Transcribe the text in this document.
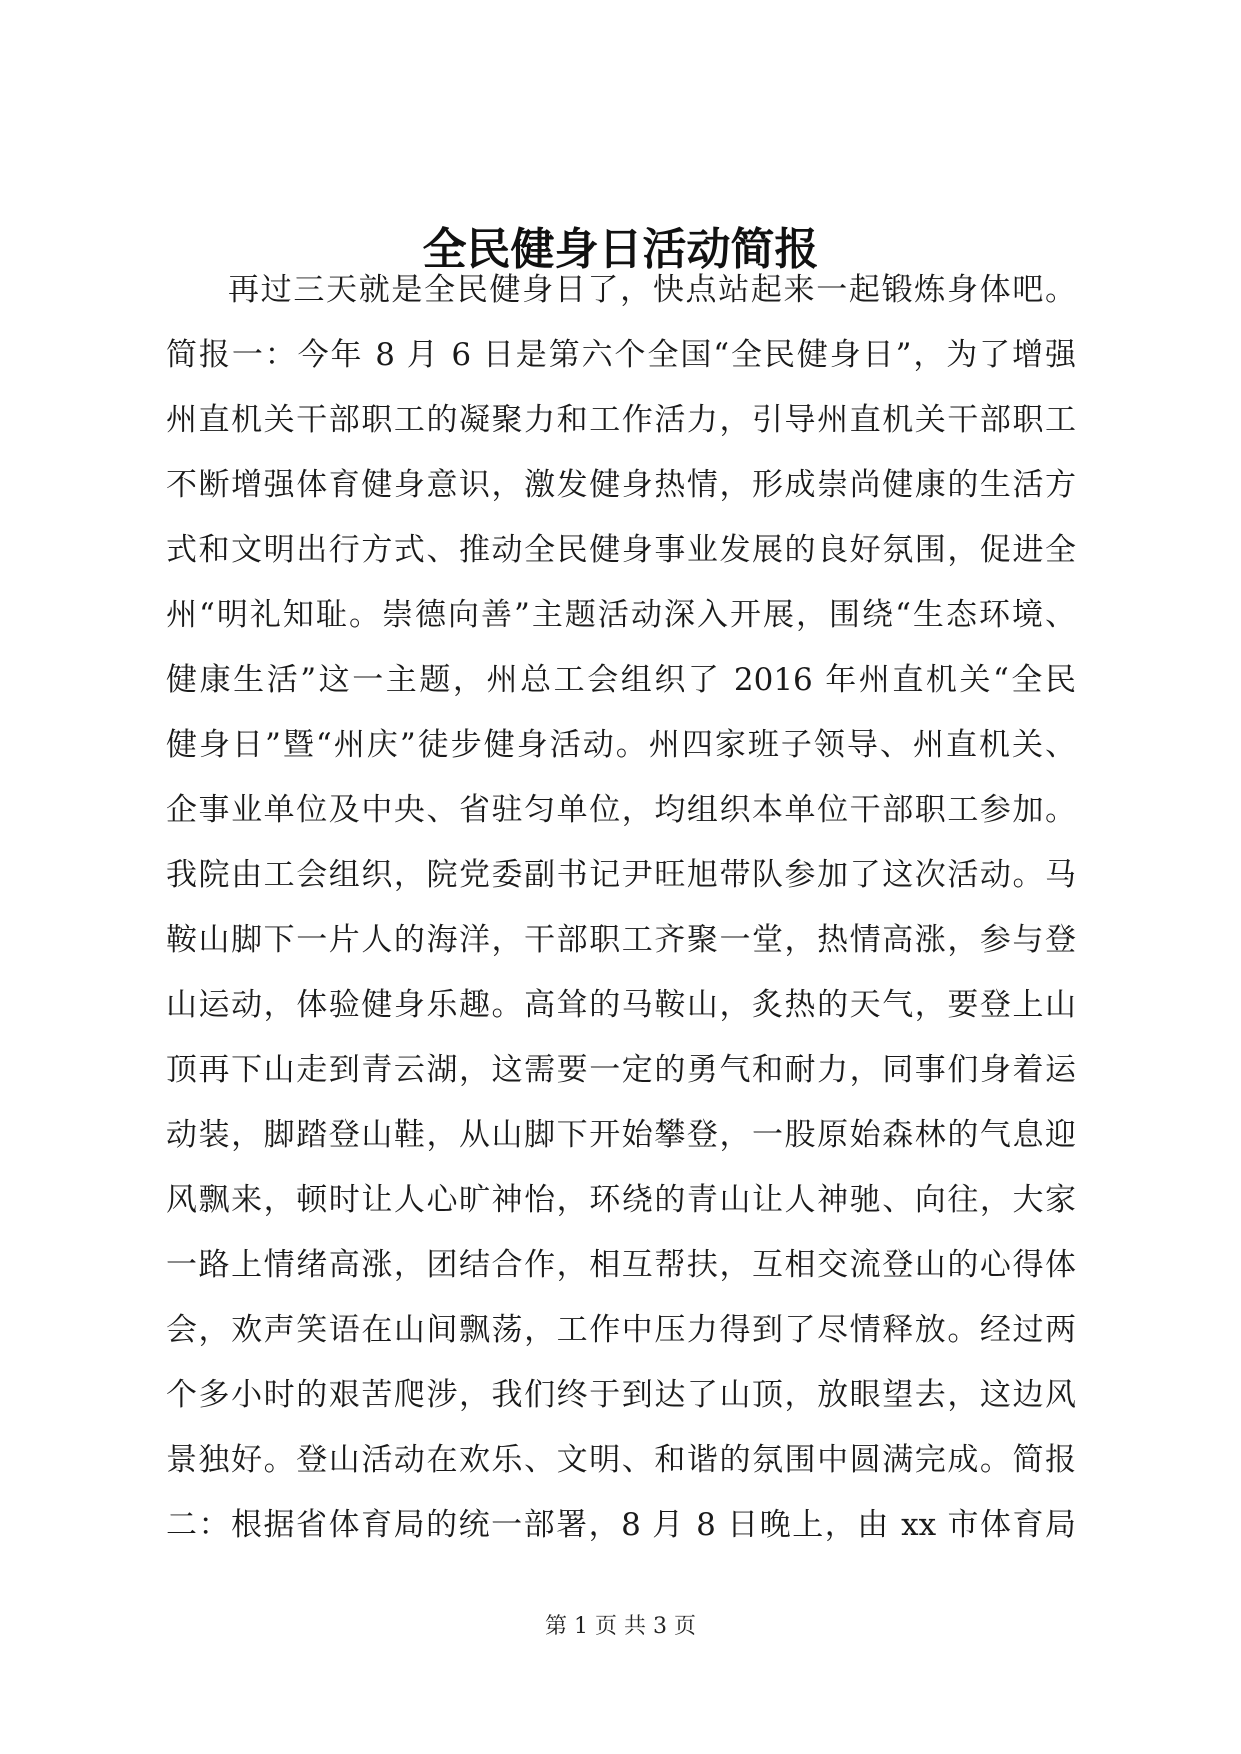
全民健身日活动简报
再过三天就是全民健身日了，快点站起来一起锻炼身体吧。
简报一：今年 8 月 6 日是第六个全国“全民健身日”，为了增强
州直机关干部职工的凝聚力和工作活力，引导州直机关干部职工
不断增强体育健身意识，激发健身热情，形成崇尚健康的生活方
式和文明出行方式、推动全民健身事业发展的良好氛围，促进全
州“明礼知耻。崇德向善”主题活动深入开展，围绕“生态环境、
健康生活”这一主题，州总工会组织了 2016 年州直机关“全民
健身日”暨“州庆”徒步健身活动。州四家班子领导、州直机关、
企事业单位及中央、省驻匀单位，均组织本单位干部职工参加。
我院由工会组织，院党委副书记尹旺旭带队参加了这次活动。马
鞍山脚下一片人的海洋，干部职工齐聚一堂，热情高涨，参与登
山运动，体验健身乐趣。高耸的马鞍山，炙热的天气，要登上山
顶再下山走到青云湖，这需要一定的勇气和耐力，同事们身着运
动装，脚踏登山鞋，从山脚下开始攀登，一股原始森林的气息迎
风飘来，顿时让人心旷神怡，环绕的青山让人神驰、向往，大家
一路上情绪高涨，团结合作，相互帮扶，互相交流登山的心得体
会，欢声笑语在山间飘荡，工作中压力得到了尽情释放。经过两
个多小时的艰苦爬涉，我们终于到达了山顶，放眼望去，这边风
景独好。登山活动在欢乐、文明、和谐的氛围中圆满完成。简报
二：根据省体育局的统一部署，8 月 8 日晚上，由 xx 市体育局
第 1 页 共 3 页
